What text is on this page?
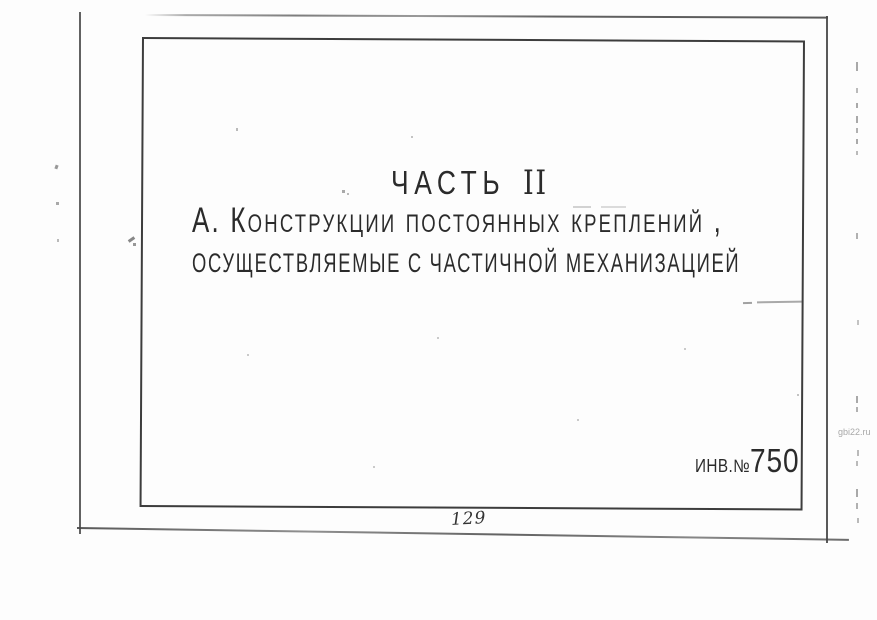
ЧАСТЬ II
А. Конструкции постоянных креплений ,
ОСУЩЕСТВЛЯЕМЫЕ С ЧАСТИЧНОЙ МЕХАНИЗАЦИЕЙ
ИНВ.№ 750
129
gbi22.ru
